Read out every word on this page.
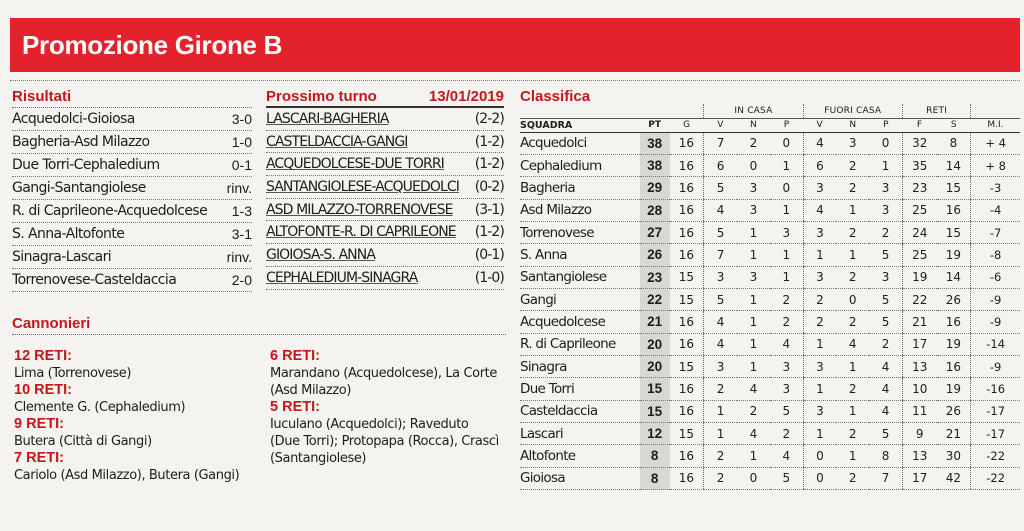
Promozione Girone B
Risultati
Acquedolci-Gioiosa	3-0
Bagheria-Asd Milazzo	1-0
Due Torri-Cephaledium	0-1
Gangi-Santangiolese	rinv.
R. di Caprileone-Acquedolcese 1-3
S. Anna-Altofonte	3-1
Sinagra-Lascari	rinv.
Torrenovese-Casteldaccia	2-0
Prossimo turno	13/01/2019
LASCARI-BAGHERIA	(2-2)
CASTELDACCIA-GANGI	(1-2)
ACQUEDOLCESE-DUE TORRI (1-2)
SANTANGIOLESE-ACQUEDOLCI (0-2)
ASD MILAZZO-TORRENOVESE (3-1)
ALTOFONTE-R. DI CAPRILEONE (1-2)
GIOIOSA-S. ANNA	(0-1)
CEPHALEDIUM-SINAGRA	(1-0)
Cannonieri
12 RETI:
Lima (Torrenovese)
10 RETI:
Clemente G. (Cephaledium)
9 RETI:
Butera (Città di Gangi)
7 RETI:
Cariolo (Asd Milazzo), Butera (Gangi)
6 RETI:
Marandano (Acquedolcese), La Corte (Asd Milazzo)
5 RETI:
Iuculano (Acquedolci); Raveduto (Due Torri); Protopapa (Rocca), Crascì (Santangiolese)
Classifica
			IN CASA			FUORI CASA			RETI		
SQUADRA	PT	G	V	N	P	V	N	P	F	S	M.I.
Acquedolci	38	16	7	2	0	4	3	0	32	8	+ 4
Cephaledium	38	16	6	0	1	6	2	1	35	14	+ 8
Bagheria	29	16	5	3	0	3	2	3	23	15	-3
Asd Milazzo	28	16	4	3	1	4	1	3	25	16	-4
Torrenovese	27	16	5	1	3	3	2	2	24	15	-7
S. Anna	26	16	7	1	1	1	1	5	25	19	-8
Santangiolese	23	15	3	3	1	3	2	3	19	14	-6
Gangi	22	15	5	1	2	2	0	5	22	26	-9
Acquedolcese	21	16	4	1	2	2	2	5	21	16	-9
R. di Caprileone	20	16	4	1	4	1	4	2	17	19	-14
Sinagra	20	15	3	1	3	3	1	4	13	16	-9
Due Torri	15	16	2	4	3	1	2	4	10	19	-16
Casteldaccia	15	16	1	2	5	3	1	4	11	26	-17
Lascari	12	15	1	4	2	1	2	5	9	21	-17
Altofonte	8	16	2	1	4	0	1	8	13	30	-22
Gioiosa	8	16	2	0	5	0	2	7	17	42	-22
